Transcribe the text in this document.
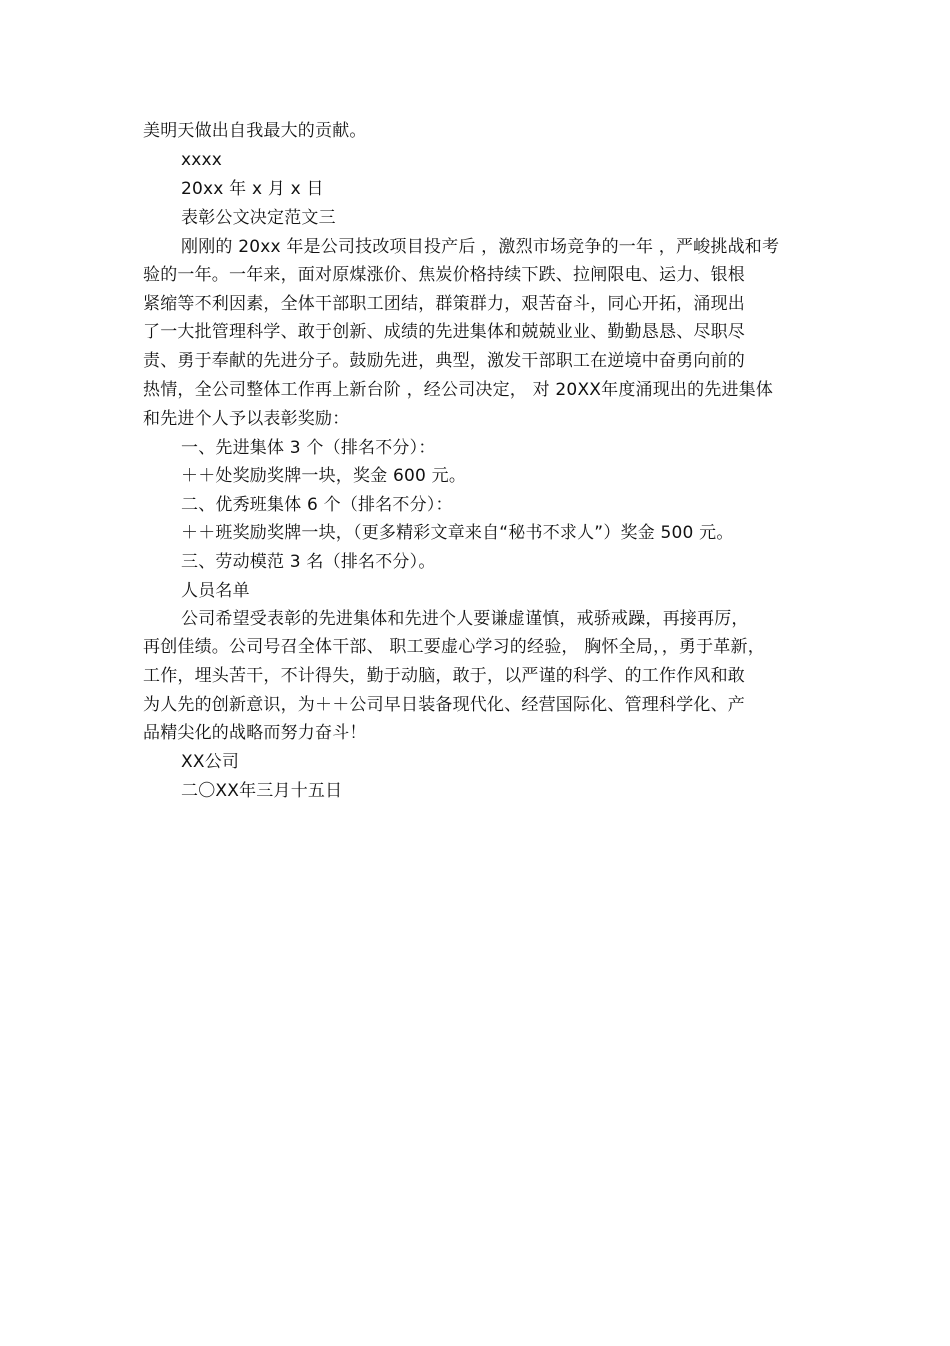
美明天做出自我最大的贡献。
xxxx
20xx 年 x 月 x 日
表彰公文决定范文三
刚刚的 20xx 年是公司技改项目投产后 ，激烈市场竞争的一年 ，严峻挑战和考
验的一年。一年来，面对原煤涨价、焦炭价格持续下跌、拉闸限电、运力、银根
紧缩等不利因素，全体干部职工团结，群策群力，艰苦奋斗，同心开拓，涌现出
了一大批管理科学、敢于创新、成绩的先进集体和兢兢业业、勤勤恳恳、尽职尽
责、勇于奉献的先进分子。鼓励先进，典型，激发干部职工在逆境中奋勇向前的
热情，全公司整体工作再上新台阶 ，经公司决定， 对 20XX年度涌现出的先进集体
和先进个人予以表彰奖励：
一、先进集体 3 个（排名不分）：
＋＋处奖励奖牌一块，奖金 600 元。
二、优秀班集体 6 个（排名不分）：
＋＋班奖励奖牌一块，（更多精彩文章来自“秘书不求人”）奖金 500 元。
三、劳动模范 3 名（排名不分）。
人员名单
公司希望受表彰的先进集体和先进个人要谦虚谨慎，戒骄戒躁，再接再厉，
再创佳绩。公司号召全体干部、 职工要虚心学习的经验， 胸怀全局，，勇于革新，
工作，埋头苦干，不计得失，勤于动脑，敢于，以严谨的科学、的工作作风和敢
为人先的创新意识，为＋＋公司早日装备现代化、经营国际化、管理科学化、产
品精尖化的战略而努力奋斗！
XX公司
二〇XX年三月十五日
